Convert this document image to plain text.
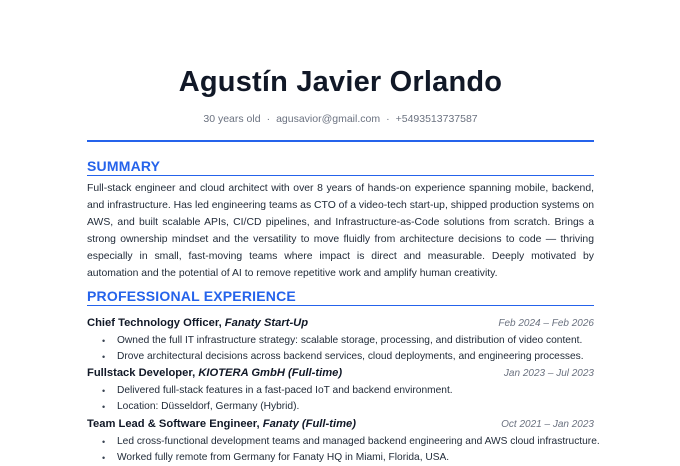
Agustín Javier Orlando
30 years old · agusavior@gmail.com · +5493513737587
SUMMARY
Full-stack engineer and cloud architect with over 8 years of hands-on experience spanning mobile, backend, and infrastructure. Has led engineering teams as CTO of a video-tech start-up, shipped production systems on AWS, and built scalable APIs, CI/CD pipelines, and Infrastructure-as-Code solutions from scratch. Brings a strong ownership mindset and the versatility to move fluidly from architecture decisions to code — thriving especially in small, fast-moving teams where impact is direct and measurable. Deeply motivated by automation and the potential of AI to remove repetitive work and amplify human creativity.
PROFESSIONAL EXPERIENCE
Chief Technology Officer, Fanaty Start-Up	Feb 2024 – Feb 2026
• Owned the full IT infrastructure strategy: scalable storage, processing, and distribution of video content.
• Drove architectural decisions across backend services, cloud deployments, and engineering processes.
Fullstack Developer, KIOTERA GmbH (Full-time)	Jan 2023 – Jul 2023
• Delivered full-stack features in a fast-paced IoT and backend environment.
• Location: Düsseldorf, Germany (Hybrid).
Team Lead & Software Engineer, Fanaty (Full-time)	Oct 2021 – Jan 2023
• Led cross-functional development teams and managed backend engineering and AWS cloud infrastructure.
• Worked fully remote from Germany for Fanaty HQ in Miami, Florida, USA.
